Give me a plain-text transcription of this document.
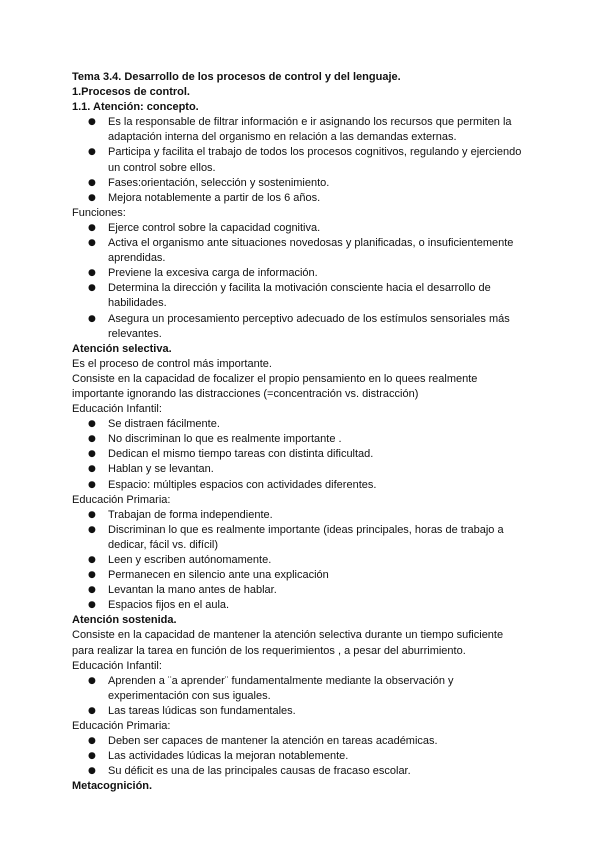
Tema 3.4. Desarrollo de los procesos de control y del lenguaje.
1.Procesos de control.
1.1. Atención: concepto.
● Es la responsable de filtrar información e ir asignando los recursos que permiten la adaptación interna del organismo en relación a las demandas externas.
● Participa y facilita el trabajo de todos los procesos cognitivos, regulando y ejerciendo un control sobre ellos.
● Fases:orientación, selección y sostenimiento.
● Mejora notablemente a partir de los 6 años.
Funciones:
● Ejerce control sobre la capacidad cognitiva.
● Activa el organismo ante situaciones novedosas y planificadas, o insuficientemente aprendidas.
● Previene la excesiva carga de información.
● Determina la dirección y facilita la motivación consciente hacia el desarrollo de habilidades.
● Asegura un procesamiento perceptivo adecuado de los estímulos sensoriales más relevantes.
Atención selectiva.
Es el proceso de control más importante.
Consiste en la capacidad de focalizer el propio pensamiento en lo quees realmente
importante ignorando las distracciones (=concentración vs. distracción)
Educación Infantil:
● Se distraen fácilmente.
● No discriminan lo que es realmente importante .
● Dedican el mismo tiempo tareas con distinta dificultad.
● Hablan y se levantan.
● Espacio: múltiples espacios con actividades diferentes.
Educación Primaria:
● Trabajan de forma independiente.
● Discriminan lo que es realmente importante (ideas principales, horas de trabajo a dedicar, fácil vs. difícil)
● Leen y escriben autónomamente.
● Permanecen en silencio ante una explicación
● Levantan la mano antes de hablar.
● Espacios fijos en el aula.
Atención sostenida.
Consiste en la capacidad de mantener la atención selectiva durante un tiempo suficiente
para realizar la tarea en función de los requerimientos , a pesar del aburrimiento.
Educación Infantil:
● Aprenden a ¨a aprender¨ fundamentalmente mediante la observación y experimentación con sus iguales.
● Las tareas lúdicas son fundamentales.
Educación Primaria:
● Deben ser capaces de mantener la atención en tareas académicas.
● Las actividades lúdicas la mejoran notablemente.
● Su déficit es una de las principales causas de fracaso escolar.
Metacognición.
